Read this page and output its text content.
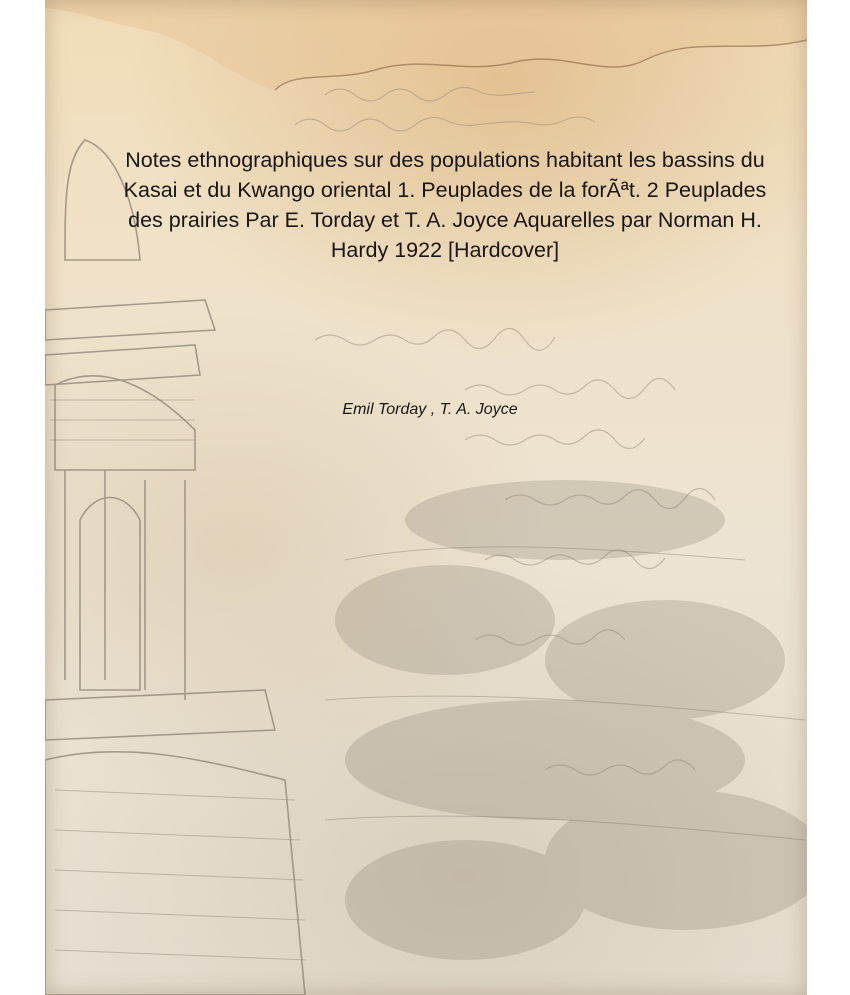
Notes ethnographiques sur des populations habitant les bassins du Kasai et du Kwango oriental 1. Peuplades de la forÃªt. 2 Peuplades des prairies Par E. Torday et T. A. Joyce Aquarelles par Norman H. Hardy 1922 [Hardcover]

Emil Torday , T. A. Joyce
